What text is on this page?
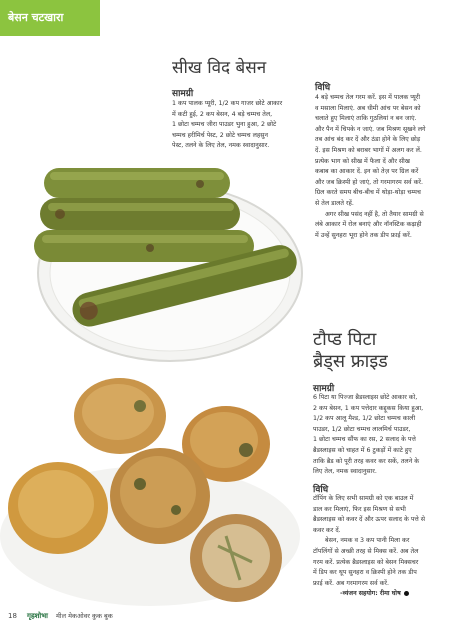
बेसन चटखारा
सीख विद बेसन
सामग्री
1 कप पालक प्यूरी, 1/2 कप गाजर छोटे आकार
में कटी हुई, 2 कप बेसन, 4 बड़े चम्मच तेल,
1 छोटा चम्मच जीरा पाउडर भुना हुआ, 2 छोटे
चम्मच हरीमिर्च पेस्ट, 2 छोटे चम्मच लहसुन
पेस्ट, तलने के लिए तेल, नमक स्वादानुसार.
विधि
4 बड़े चम्मच तेल गरम करें. इस में पालक प्यूरी
व मसाला मिलाएं. अब धीमी आंच पर बेसन को
चलाते हुए मिलाएं ताकि गुठलियां न बन जाएं.
और पैन में चिपके न जाएं. जब मिश्रण सूखने लगे
तब आंच बंद कर दें और ठंडा होने के लिए छोड़
दें. इस मिश्रण को बराबर भागों में अलग कर लें.
प्रत्येक भाग को सीख में फैला दें और सीख
कबाब का आकार दें. इन को तेज़ पर ग्रिल करें
और जब क्रिस्पी हो जाएं, तो गरमागरम सर्व करें.
ग्रिल करते समय बीच-बीच में थोड़ा-थोड़ा चम्मच
से तेल डालते रहें.
अगर सीख पसंद नहीं है, तो तैयार सामग्री से
लंबे आकार में रोल बनाएं और नॉनस्टिक कढ़ाही
में उन्हें सुनहरा भूरा होने तक डीप फ्राई करें.
टौप्ड पिटा
ब्रैड्स फ्राइड
सामग्री
6 पिटा या पिज्जा ब्रैडस्लाइस छोटे आकार को,
2 कप बेसन, 1 कप पत्तेदार कद्दूकस किया हुआ,
1/2 कप आलू मैश्ड, 1/2 छोटा चम्मच काली
पाउडर, 1/2 छोटा चम्मच लालमिर्च पाउडर,
1 छोटा चम्मच सौंफ का रस, 2 सलाद के पत्ते
ब्रैडस्लाइस को चाहत में 6 टुकड़ों में काटे हुए
ताकि ब्रैड को पूरी तरह कवर कर सकें, तलने के
लिए तेल, नमक स्वादानुसार.
विधि
टॉपिंग के लिए सभी सामग्री को एक बाउल में
डाल कर मिलाएं, फिर इस मिश्रण से सभी
ब्रैडस्लाइस को कवर दें और ऊपर सलाद के पत्ते से
कवर कर दें.
बेसन, नमक व 3 कप पानी मिला कर
टॉपलिंगों से अच्छी तरह से मिक्स करें. अब तेल
गरम करें. प्रत्येक ब्रैडस्लाइस को बेसन मिक्सचर
में डिप कर थूप सुनहरा व क्रिस्पी होने तक डीप
फ्राई करें. अब गरमागरम सर्व करें.
-व्यंजन सहयोग: रीमा घोष
18 गृहशोभा मील मेकओवर कुक बुक
